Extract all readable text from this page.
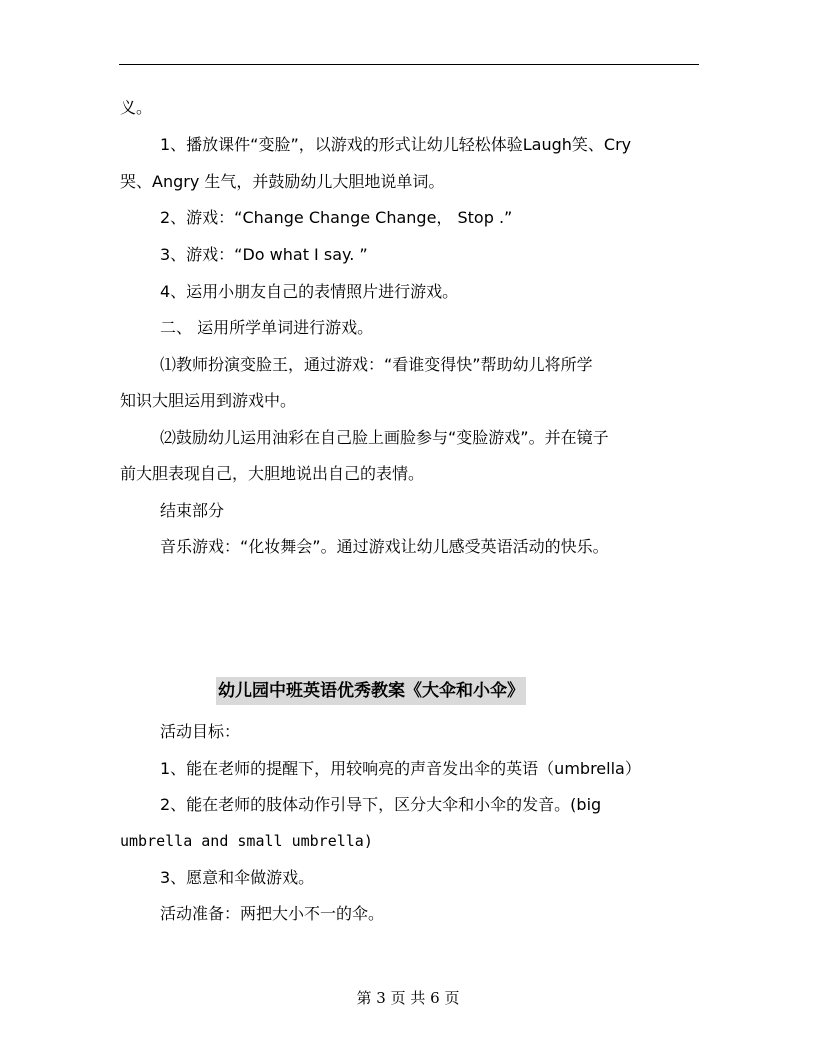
义。
1、播放课件“变脸”，以游戏的形式让幼儿轻松体验Laugh笑、Cry
哭、Angry 生气，并鼓励幼儿大胆地说单词。
2、游戏：“Change Change Change， Stop .”
3、游戏：“Do what I say. ”
4、运用小朋友自己的表情照片进行游戏。
二、 运用所学单词进行游戏。
⑴教师扮演变脸王，通过游戏：“看谁变得快”帮助幼儿将所学
知识大胆运用到游戏中。
⑵鼓励幼儿运用油彩在自己脸上画脸参与“变脸游戏”。并在镜子
前大胆表现自己，大胆地说出自己的表情。
结束部分
音乐游戏：“化妆舞会”。通过游戏让幼儿感受英语活动的快乐。
幼儿园中班英语优秀教案《大伞和小伞》
活动目标：
1、能在老师的提醒下，用较响亮的声音发出伞的英语（umbrella）
2、能在老师的肢体动作引导下，区分大伞和小伞的发音。(big
umbrella and small umbrella)
3、愿意和伞做游戏。
活动准备：两把大小不一的伞。
第 3 页 共 6 页
